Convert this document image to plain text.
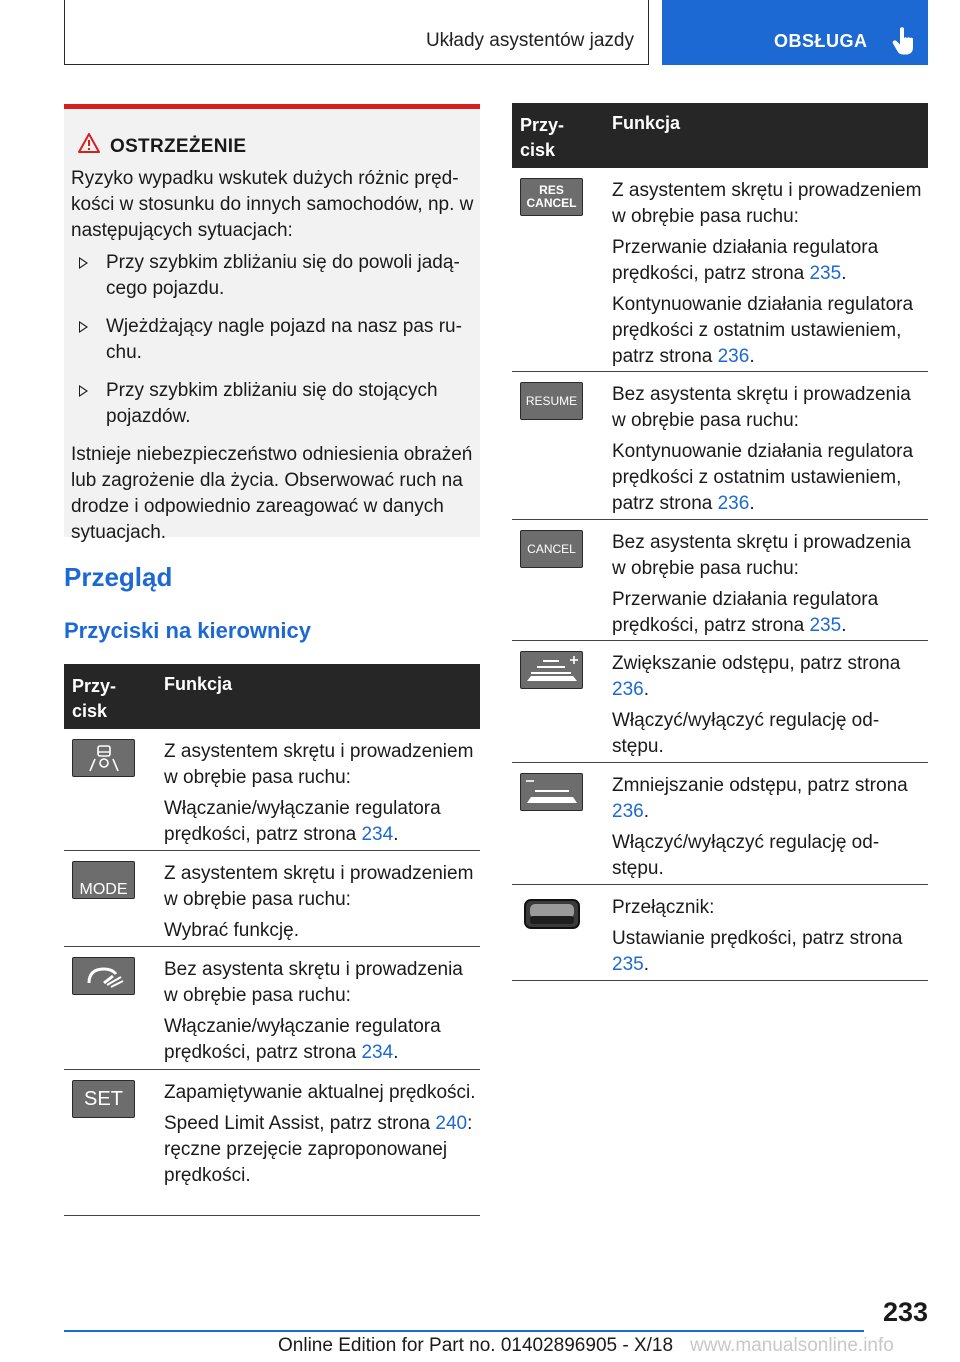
Układy asystentów jazdy	OBSŁUGA
OSTRZEŻENIE

Ryzyko wypadku wskutek dużych różnic prędkości w stosunku do innych samochodów, np. w następujących sytuacjach:

Przy szybkim zbliżaniu się do powoli jadącego pojazdu.
Wjeżdżający nagle pojazd na nasz pas ruchu.
Przy szybkim zbliżaniu się do stojących pojazdów.

Istnieje niebezpieczeństwo odniesienia obrażeń lub zagrożenie dla życia. Obserwować ruch na drodze i odpowiednio zareagować w danych sytuacjach.

Przegląd
Przyciski na kierownicy
Przy-
cisk
Funkcja

Z asystentem skrętu i prowadzeniem w obrębie pasa ruchu:

Włączanie/wyłączanie regulatora prędkości, patrz strona 234.

MODE

Z asystentem skrętu i prowadzeniem w obrębie pasa ruchu:

Wybrać funkcję.

Bez asystenta skrętu i prowadzenia w obrębie pasa ruchu:

Włączanie/wyłączanie regulatora prędkości, patrz strona 234.

SET Zapamiętywanie aktualnej prędkości.

Speed Limit Assist, patrz strona 240: ręczne przejęcie zaproponowanej prędkości.

Przy-
cisk
Funkcja
RES
CANCEL

Z asystentem skrętu i prowadzeniem w obrębie pasa ruchu:

Przerwanie działania regulatora prędkości, patrz strona 235.

Kontynuowanie działania regulatora prędkości z ostatnim ustawieniem, patrz strona 236.

RESUME Bez asystenta skrętu i prowadzenia w obrębie pasa ruchu:

Kontynuowanie działania regulatora prędkości z ostatnim ustawieniem, patrz strona 236.

CANCEL Bez asystenta skrętu i prowadzenia w obrębie pasa ruchu:

Przerwanie działania regulatora prędkości, patrz strona 235.

Zwiększanie odstępu, patrz strona 236.

Włączyć/wyłączyć regulację odstępu.

Zmniejszanie odstępu, patrz strona 236.

Włączyć/wyłączyć regulację odstępu.

Przełącznik:

Ustawianie prędkości, patrz strona 235.

233
Online Edition for Part no. 01402896905 - X/18 www.manualsonline.info
